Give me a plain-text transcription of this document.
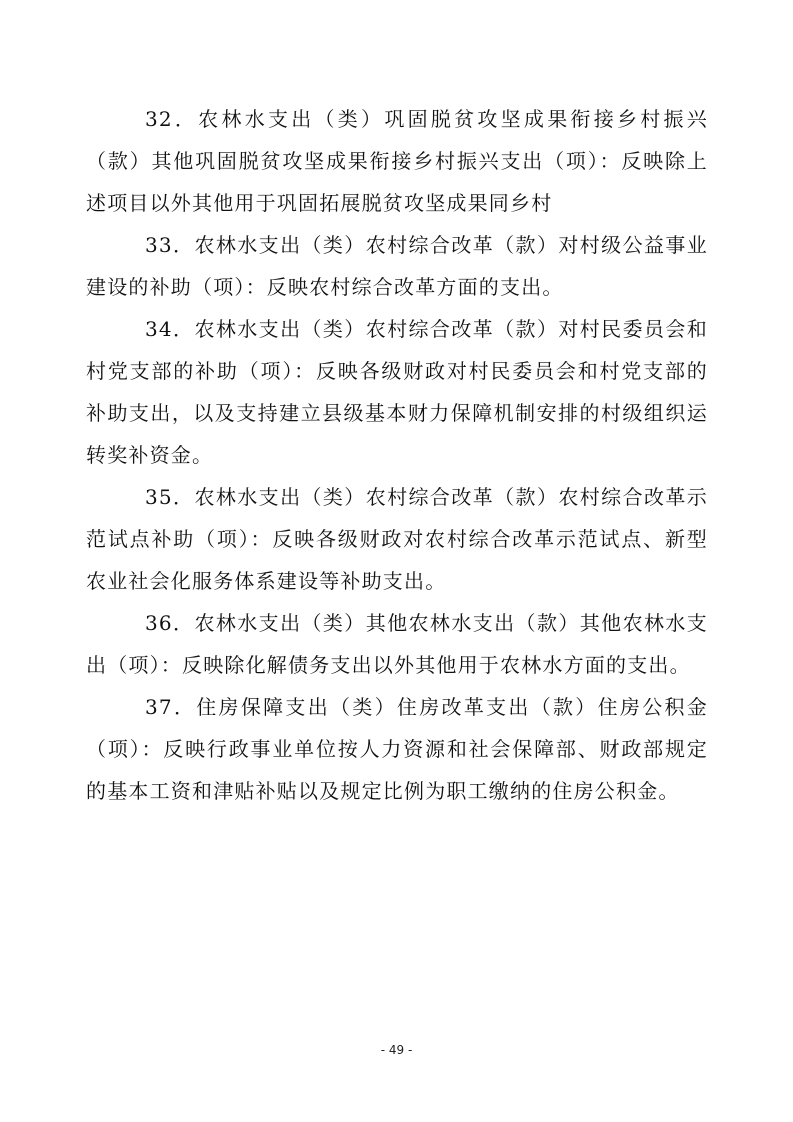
32．农林水支出（类）巩固脱贫攻坚成果衔接乡村振兴（款）其他巩固脱贫攻坚成果衔接乡村振兴支出（项）：反映除上述项目以外其他用于巩固拓展脱贫攻坚成果同乡村

33．农林水支出（类）农村综合改革（款）对村级公益事业建设的补助（项）：反映农村综合改革方面的支出。

34．农林水支出（类）农村综合改革（款）对村民委员会和村党支部的补助（项）：反映各级财政对村民委员会和村党支部的补助支出，以及支持建立县级基本财力保障机制安排的村级组织运转奖补资金。

35．农林水支出（类）农村综合改革（款）农村综合改革示范试点补助（项）：反映各级财政对农村综合改革示范试点、新型农业社会化服务体系建设等补助支出。

36．农林水支出（类）其他农林水支出（款）其他农林水支出（项）：反映除化解债务支出以外其他用于农林水方面的支出。

37．住房保障支出（类）住房改革支出（款）住房公积金（项）：反映行政事业单位按人力资源和社会保障部、财政部规定的基本工资和津贴补贴以及规定比例为职工缴纳的住房公积金。

- 49 -
